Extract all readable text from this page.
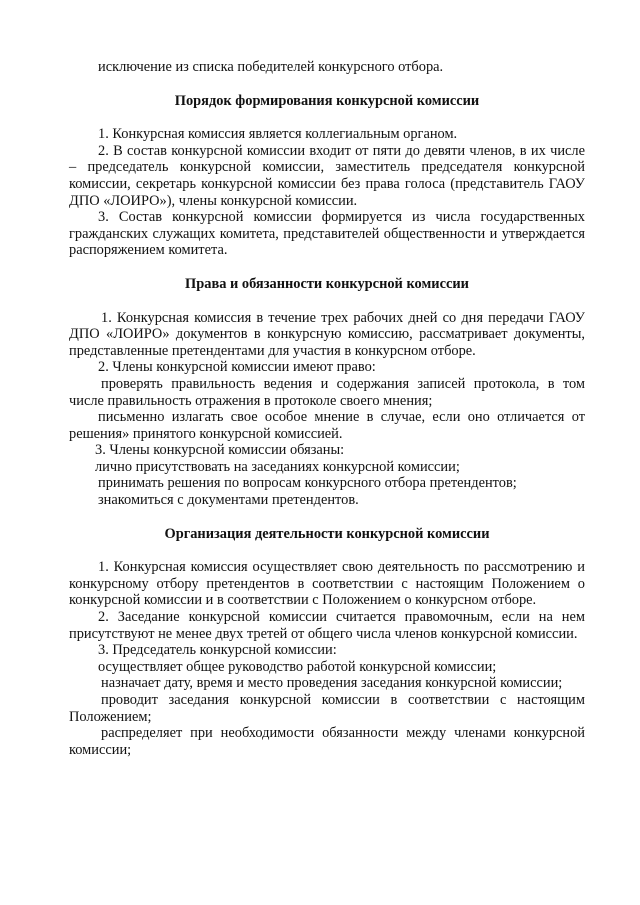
исключение из списка победителей конкурсного отбора.

Порядок формирования конкурсной комиссии

1. Конкурсная комиссия является коллегиальным органом.

2. В состав конкурсной комиссии входит от пяти до девяти членов, в их числе – председатель конкурсной комиссии, заместитель председателя конкурсной комиссии, секретарь конкурсной комиссии без права голоса (представитель ГАОУ ДПО «ЛОИРО»), члены конкурсной комиссии.

3. Состав конкурсной комиссии формируется из числа государственных гражданских служащих комитета, представителей общественности и утверждается распоряжением комитета.

Права и обязанности конкурсной комиссии

1. Конкурсная комиссия в течение трех рабочих дней со дня передачи ГАОУ ДПО «ЛОИРО» документов в конкурсную комиссию, рассматривает документы, представленные претендентами для участия в конкурсном отборе.

2. Члены конкурсной комиссии имеют право:

проверять правильность ведения и содержания записей протокола, в том числе правильность отражения в протоколе своего мнения;

письменно излагать свое особое мнение в случае, если оно отличается от решения» принятого конкурсной комиссией.

3. Члены конкурсной комиссии обязаны:

лично присутствовать на заседаниях конкурсной комиссии;

принимать решения по вопросам конкурсного отбора претендентов;

знакомиться с документами претендентов.

Организация деятельности конкурсной комиссии

1. Конкурсная комиссия осуществляет свою деятельность по рассмотрению и конкурсному отбору претендентов в соответствии с настоящим Положением о конкурсной комиссии и в соответствии с Положением о конкурсном отборе.

2. Заседание конкурсной комиссии считается правомочным, если на нем присутствуют не менее двух третей от общего числа членов конкурсной комиссии.

3. Председатель конкурсной комиссии:

осуществляет общее руководство работой конкурсной комиссии;

назначает дату, время и место проведения заседания конкурсной комиссии;

проводит заседания конкурсной комиссии в соответствии с настоящим Положением;

распределяет при необходимости обязанности между членами конкурсной комиссии;
